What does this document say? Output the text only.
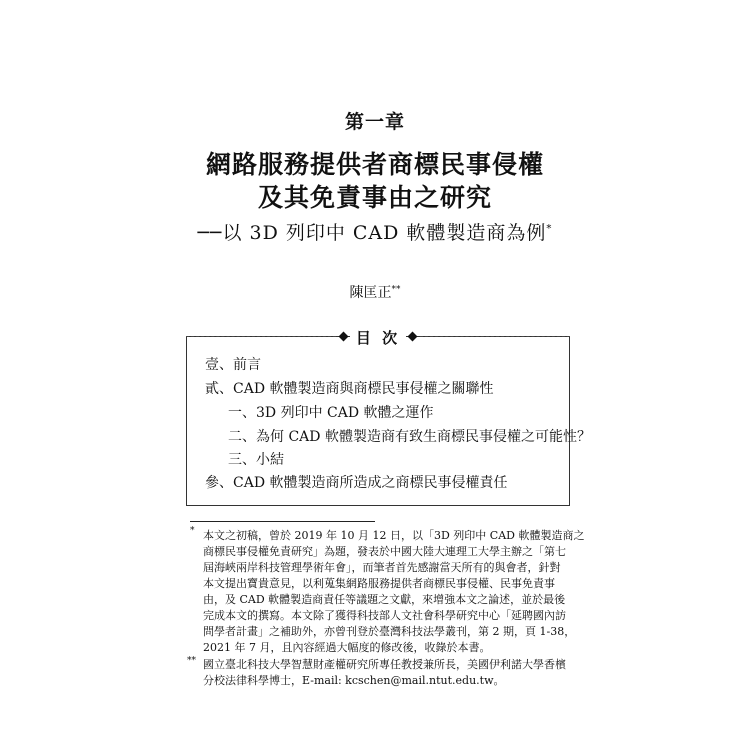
第一章
網路服務提供者商標民事侵權
及其免責事由之研究
──以 3D 列印中 CAD 軟體製造商為例*
陳匡正**
目 次
壹、前言
貳、CAD 軟體製造商與商標民事侵權之關聯性
一、3D 列印中 CAD 軟體之運作
二、為何 CAD 軟體製造商有致生商標民事侵權之可能性？
三、小結
參、CAD 軟體製造商所造成之商標民事侵權責任
* 本文之初稿，曾於 2019 年 10 月 12 日，以「3D 列印中 CAD 軟體製造商之
商標民事侵權免責研究」為題，發表於中國大陸大連理工大學主辦之「第七
屆海峽兩岸科技管理學術年會」，而筆者首先感謝當天所有的與會者，針對
本文提出寶貴意見，以利蒐集網路服務提供者商標民事侵權、民事免責事
由，及 CAD 軟體製造商責任等議題之文獻，來增強本文之論述，並於最後
完成本文的撰寫。本文除了獲得科技部人文社會科學研究中心「延聘國內訪
問學者計畫」之補助外，亦曾刊登於臺灣科技法學叢刊，第 2 期，頁 1-38，
2021 年 7 月，且內容經過大幅度的修改後，收錄於本書。
** 國立臺北科技大學智慧財產權研究所專任教授兼所長，美國伊利諾大學香檳
分校法律科學博士，E-mail: kcschen@mail.ntut.edu.tw。
